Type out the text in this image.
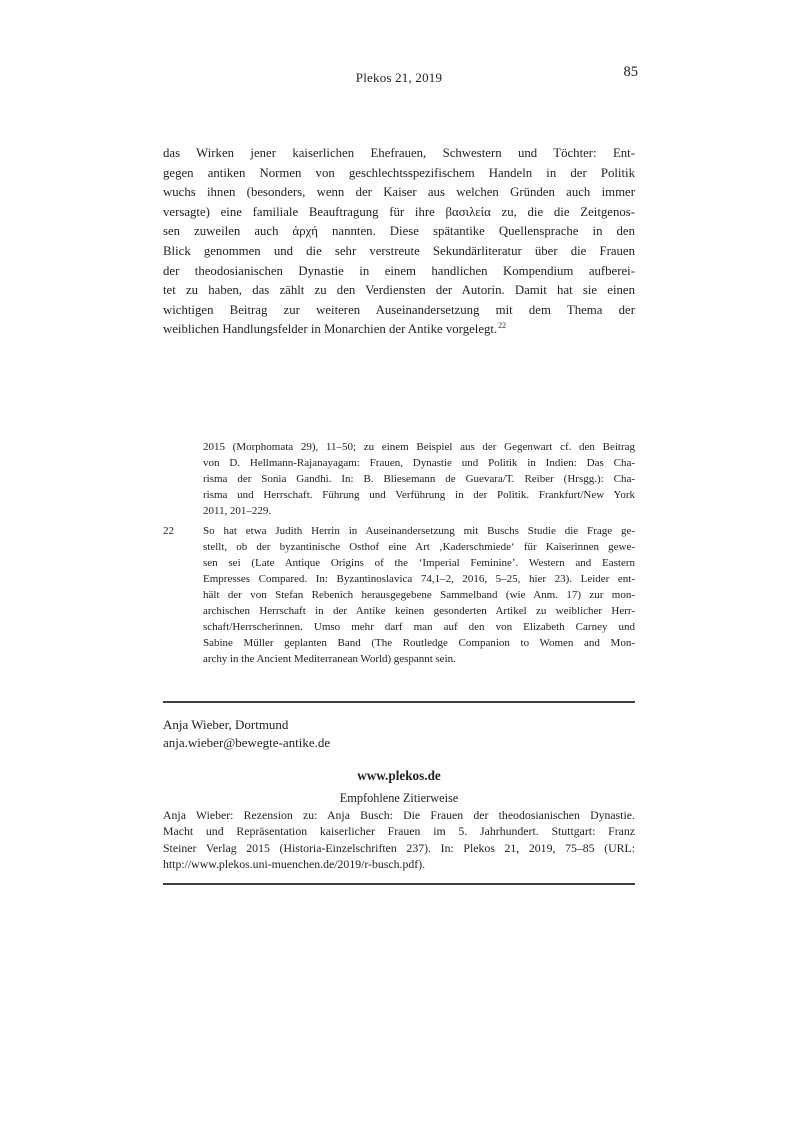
Plekos 21, 2019	85
das Wirken jener kaiserlichen Ehefrauen, Schwestern und Töchter: Ent-
gegen antiken Normen von geschlechtsspezifischem Handeln in der Politik
wuchs ihnen (besonders, wenn der Kaiser aus welchen Gründen auch immer
versagte) eine familiale Beauftragung für ihre βασιλεία zu, die die Zeitgenos-
sen zuweilen auch ἀρχή nannten. Diese spätantike Quellensprache in den
Blick genommen und die sehr verstreute Sekundärliteratur über die Frauen
der theodosianischen Dynastie in einem handlichen Kompendium aufberei-
tet zu haben, das zählt zu den Verdiensten der Autorin. Damit hat sie einen
wichtigen Beitrag zur weiteren Auseinandersetzung mit dem Thema der
weiblichen Handlungsfelder in Monarchien der Antike vorgelegt.$^{22}$
2015 (Morphomata 29), 11–50; zu einem Beispiel aus der Gegenwart cf. den Beitrag
von D. Hellmann-Rajanayagam: Frauen, Dynastie und Politik in Indien: Das Cha-
risma der Sonia Gandhi. In: B. Bliesemann de Guevara/T. Reiber (Hrsgg.): Cha-
risma und Herrschaft. Führung und Verführung in der Politik. Frankfurt/New York
2011, 201–229.
22	So hat etwa Judith Herrin in Auseinandersetzung mit Buschs Studie die Frage ge-
stellt, ob der byzantinische Osthof eine Art ‚Kaderschmiede‘ für Kaiserinnen gewe-
sen sei (Late Antique Origins of the ‘Imperial Feminine’. Western and Eastern
Empresses Compared. In: Byzantinoslavica 74,1–2, 2016, 5–25, hier 23). Leider ent-
hält der von Stefan Rebenich herausgegebene Sammelband (wie Anm. 17) zur mon-
archischen Herrschaft in der Antike keinen gesonderten Artikel zu weiblicher Herr-
schaft/Herrscherinnen. Umso mehr darf man auf den von Elizabeth Carney und
Sabine Müller geplanten Band (The Routledge Companion to Women and Mon-
archy in the Ancient Mediterranean World) gespannt sein.
Anja Wieber, Dortmund
anja.wieber@bewegte-antike.de
www.plekos.de
Empfohlene Zitierweise
Anja Wieber: Rezension zu: Anja Busch: Die Frauen der theodosianischen Dynastie.
Macht und Repräsentation kaiserlicher Frauen im 5. Jahrhundert. Stuttgart: Franz
Steiner Verlag 2015 (Historia-Einzelschriften 237). In: Plekos 21, 2019, 75–85 (URL:
http://www.plekos.uni-muenchen.de/2019/r-busch.pdf).
